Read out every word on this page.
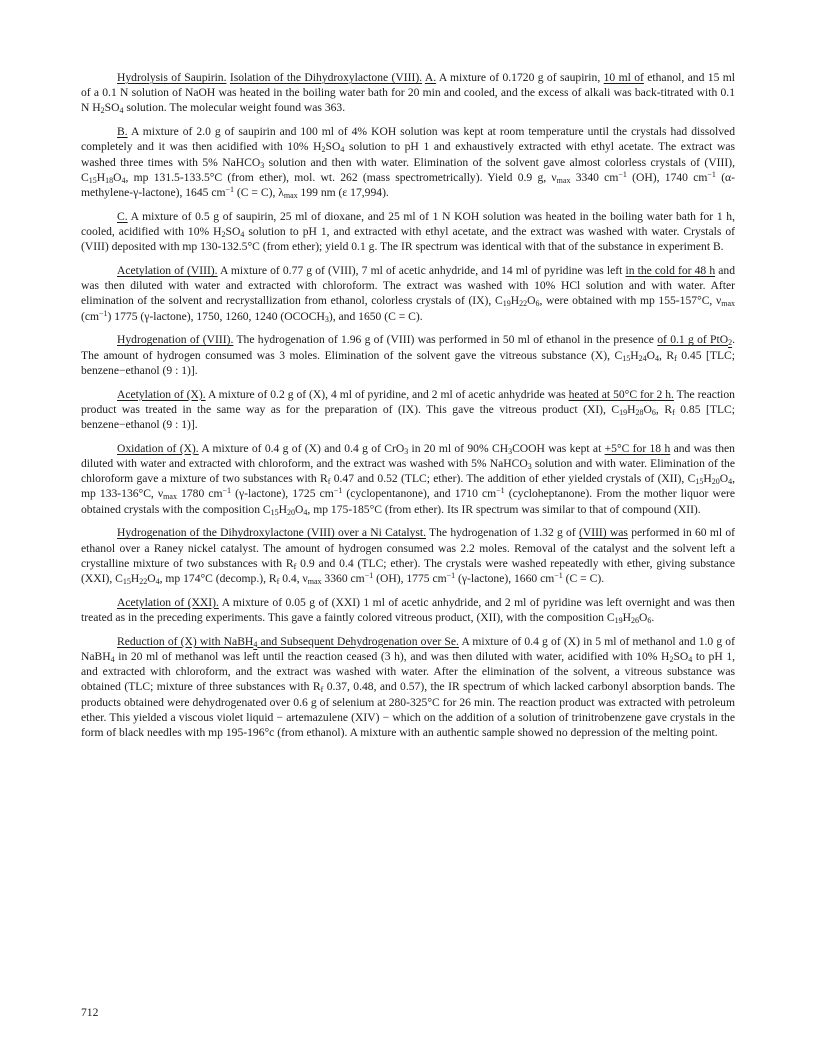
Hydrolysis of Saupirin. Isolation of the Dihydroxylactone (VIII). A. A mixture of 0.1720 g of saupirin, 10 ml of ethanol, and 15 ml of a 0.1 N solution of NaOH was heated in the boiling water bath for 20 min and cooled, and the excess of alkali was back-titrated with 0.1 N $H_2SO_4$ solution. The molecular weight found was 363.

B. A mixture of 2.0 g of saupirin and 100 ml of 4% KOH solution was kept at room temperature until the crystals had dissolved completely and it was then acidified with 10% $H_2SO_4$ solution to pH 1 and exhaustively extracted with ethyl acetate. The extract was washed three times with 5% NaHCO$_3$ solution and then with water. Elimination of the solvent gave almost colorless crystals of (VIII), $C_{15}H_{18}O_4$, mp 131.5-133.5°C (from ether), mol. wt. 262 (mass spectrometrically). Yield 0.9 g, $\nu_{max}$ 3340 $cm^{-1}$ (OH), 1740 $cm^{-1}$ (α-methylene-γ-lactone), 1645 $cm^{-1}$ (C = C), $\lambda_{max}$ 199 nm (ε 17,994).

C. A mixture of 0.5 g of saupirin, 25 ml of dioxane, and 25 ml of 1 N KOH solution was heated in the boiling water bath for 1 h, cooled, acidified with 10% $H_2SO_4$ solution to pH 1, and extracted with ethyl acetate, and the extract was washed with water. Crystals of (VIII) deposited with mp 130-132.5°C (from ether); yield 0.1 g. The IR spectrum was identical with that of the substance in experiment B.

Acetylation of (VIII). A mixture of 0.77 g of (VIII), 7 ml of acetic anhydride, and 14 ml of pyridine was left in the cold for 48 h and was then diluted with water and extracted with chloroform. The extract was washed with 10% HCl solution and with water. After elimination of the solvent and recrystallization from ethanol, colorless crystals of (IX), $C_{19}H_{22}O_6$, were obtained with mp 155-157°C, $\nu_{max}$ $(cm^{-1})$ 1775 (γ-lactone), 1750, 1260, 1240 $(OCOCH_3)$, and 1650 (C = C).

Hydrogenation of (VIII). The hydrogenation of 1.96 g of (VIII) was performed in 50 ml of ethanol in the presence of 0.1 g of PtO$_2$. The amount of hydrogen consumed was 3 moles. Elimination of the solvent gave the vitreous substance (X), $C_{15}H_{24}O_4$, $R_f$ 0.45 [TLC; benzene−ethanol (9 : 1)].

Acetylation of (X). A mixture of 0.2 g of (X), 4 ml of pyridine, and 2 ml of acetic anhydride was heated at 50°C for 2 h. The reaction product was treated in the same way as for the preparation of (IX). This gave the vitreous product (XI), $C_{19}H_{28}O_6$, $R_f$ 0.85 [TLC; benzene−ethanol (9 : 1)].

Oxidation of (X). A mixture of 0.4 g of (X) and 0.4 g of CrO$_3$ in 20 ml of 90% $CH_3COOH$ was kept at +5°C for 18 h and was then diluted with water and extracted with chloroform, and the extract was washed with 5% NaHCO$_3$ solution and with water. Elimination of the chloroform gave a mixture of two substances with $R_f$ 0.47 and 0.52 (TLC; ether). The addition of ether yielded crystals of (XII), $C_{15}H_{20}O_4$, mp 133-136°C, $\nu_{max}$ 1780 $cm^{-1}$ (γ-lactone), 1725 $cm^{-1}$ (cyclopentanone), and 1710 $cm^{-1}$ (cycloheptanone). From the mother liquor were obtained crystals with the composition $C_{15}H_{20}O_4$, mp 175-185°C (from ether). Its IR spectrum was similar to that of compound (XII).

Hydrogenation of the Dihydroxylactone (VIII) over a Ni Catalyst. The hydrogenation of 1.32 g of (VIII) was performed in 60 ml of ethanol over a Raney nickel catalyst. The amount of hydrogen consumed was 2.2 moles. Removal of the catalyst and the solvent left a crystalline mixture of two substances with $R_f$ 0.9 and 0.4 (TLC; ether). The crystals were washed repeatedly with ether, giving substance (XXI), $C_{15}H_{22}O_4$, mp 174°C (decomp.), $R_f$ 0.4, $\nu_{max}$ 3360 $cm^{-1}$ (OH), 1775 $cm^{-1}$ (γ-lactone), 1660 $cm^{-1}$ (C = C).

Acetylation of (XXI). A mixture of 0.05 g of (XXI) 1 ml of acetic anhydride, and 2 ml of pyridine was left overnight and was then treated as in the preceding experiments. This gave a faintly colored vitreous product, (XII), with the composition $C_{19}H_{26}O_6$.

Reduction of (X) with NaBH$_4$ and Subsequent Dehydrogenation over Se. A mixture of 0.4 g of (X) in 5 ml of methanol and 1.0 g of NaBH$_4$ in 20 ml of methanol was left until the reaction ceased (3 h), and was then diluted with water, acidified with 10% $H_2SO_4$ to pH 1, and extracted with chloroform, and the extract was washed with water. After the elimination of the solvent, a vitreous substance was obtained (TLC; mixture of three substances with $R_f$ 0.37, 0.48, and 0.57), the IR spectrum of which lacked carbonyl absorption bands. The products obtained were dehydrogenated over 0.6 g of selenium at 280-325°C for 26 min. The reaction product was extracted with petroleum ether. This yielded a viscous violet liquid − artemazulene (XIV) − which on the addition of a solution of trinitrobenzene gave crystals in the form of black needles with mp 195-196°c (from ethanol). A mixture with an authentic sample showed no depression of the melting point.

712
